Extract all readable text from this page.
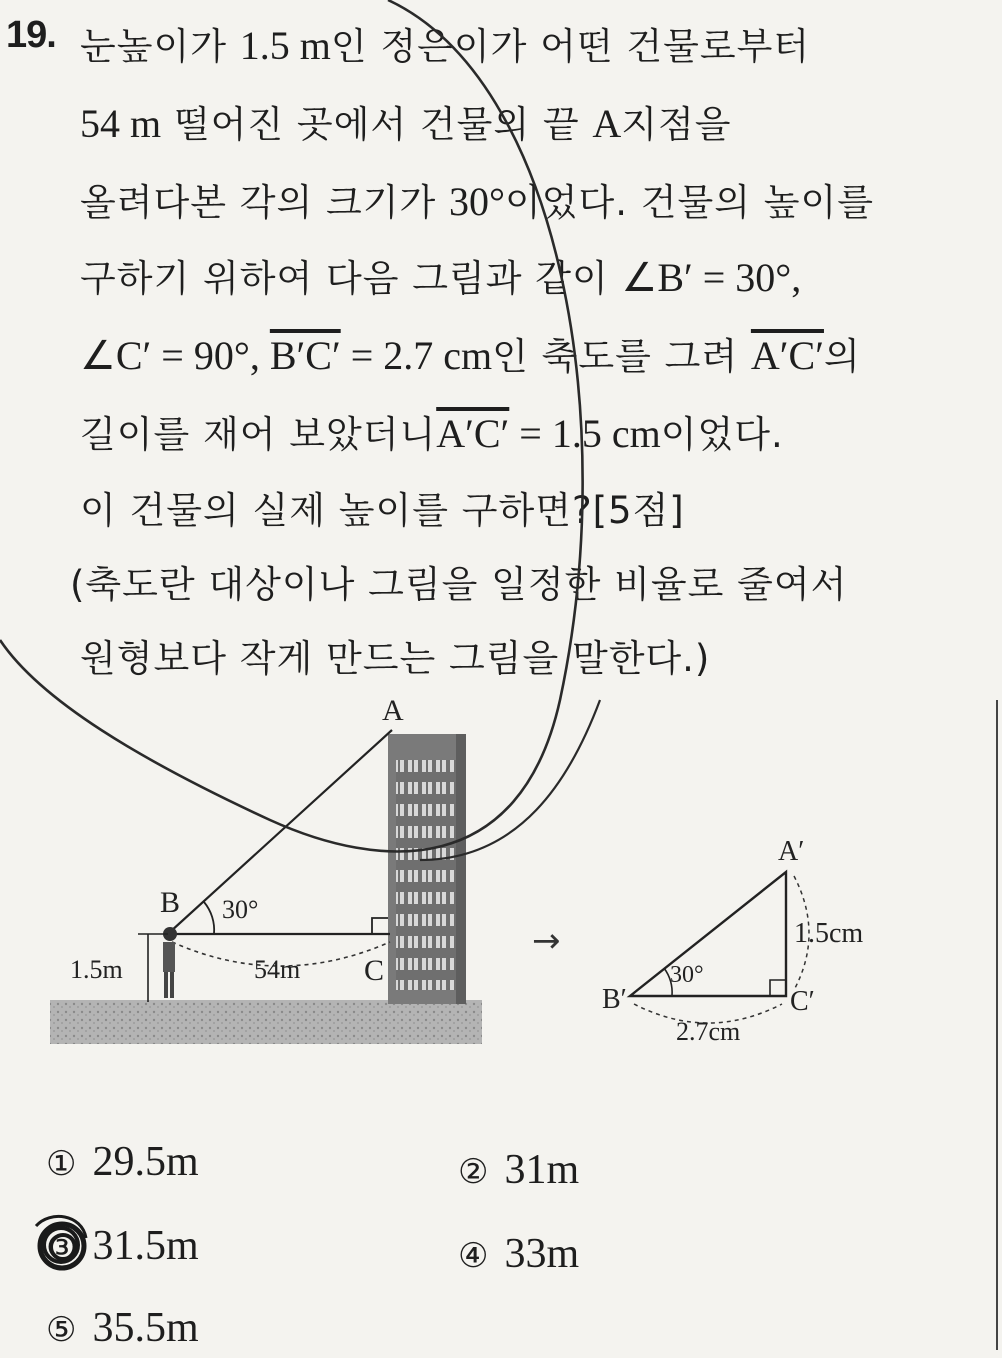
19. 눈높이가 1.5 m인 정은이가 어떤 건물로부터
54 m 떨어진 곳에서 건물의 끝 A지점을
올려다본 각의 크기가 30°이었다. 건물의 높이를
구하기 위하여 다음 그림과 같이 ∠B′ = 30°,
∠C′ = 90°, B′C′ = 2.7 cm인 축도를 그려 A′C′의
길이를 재어 보았더니A′C′ = 1.5 cm이었다.
이 건물의 실제 높이를 구하면?[5점]
(축도란 대상이나 그림을 일정한 비율로 줄여서
원형보다 작게 만드는 그림을 말한다.)
A
B
C
30°
54m
1.5m
→
A′
B′	C′
30°
2.7cm
1.5cm
① 29.5m	② 31m
③ 31.5m	④ 33m
⑤ 35.5m
